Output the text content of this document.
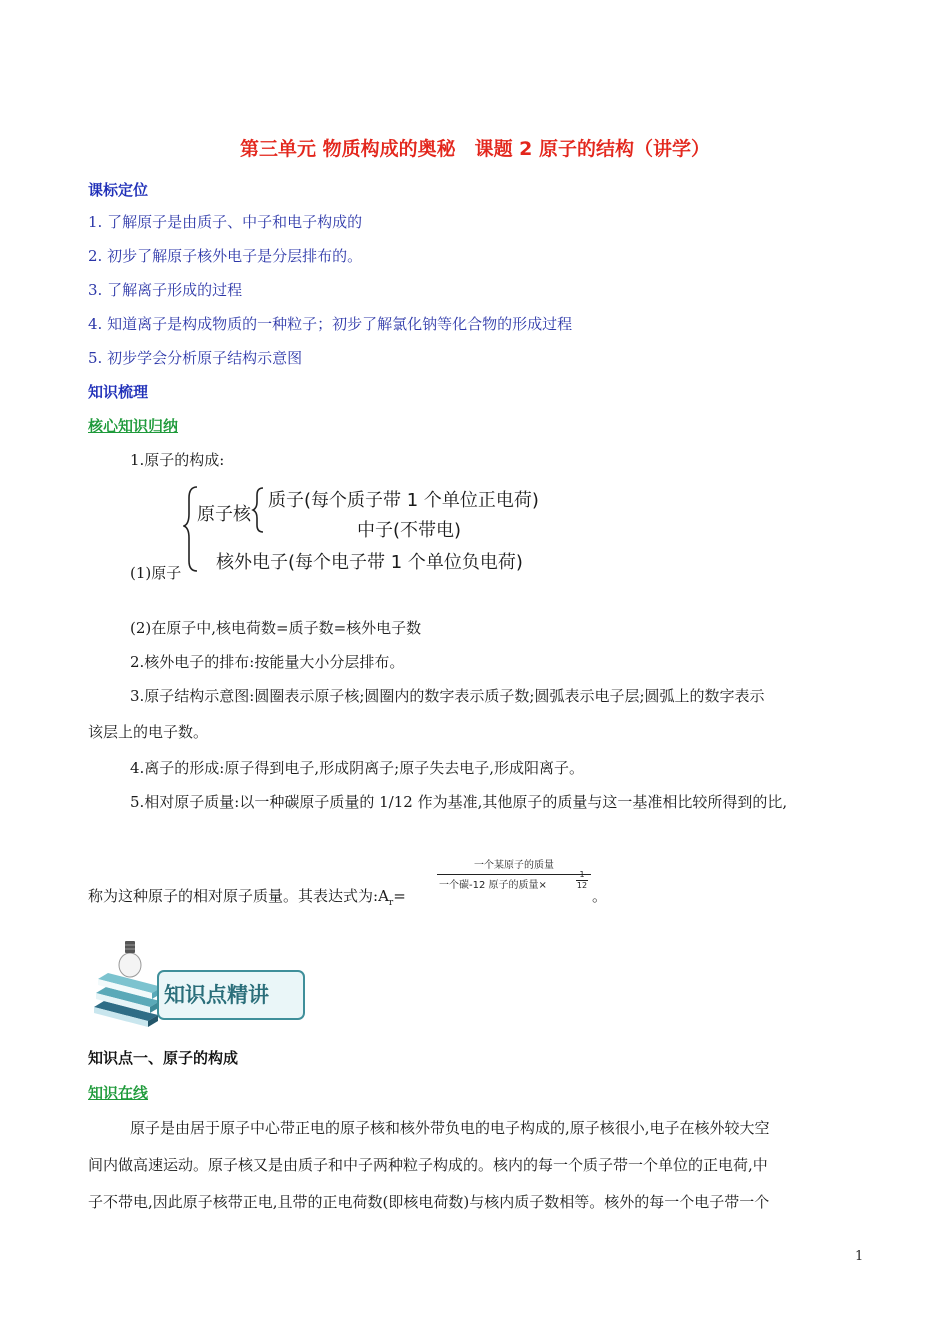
第三单元 物质构成的奥秘　课题 2 原子的结构（讲学）
课标定位
1. 了解原子是由质子、中子和电子构成的
2. 初步了解原子核外电子是分层排布的。
3. 了解离子形成的过程
4. 知道离子是构成物质的一种粒子；初步了解氯化钠等化合物的形成过程
5. 初步学会分析原子结构示意图
知识梳理
核心知识归纳
1.原子的构成:
原子核
质子(每个质子带 1 个单位正电荷)
中子(不带电)
核外电子(每个电子带 1 个单位负电荷)
(1)原子
(2)在原子中,核电荷数=质子数=核外电子数
2.核外电子的排布:按能量大小分层排布。
3.原子结构示意图:圆圈表示原子核;圆圈内的数字表示质子数;圆弧表示电子层;圆弧上的数字表示
该层上的电子数。
4.离子的形成:原子得到电子,形成阴离子;原子失去电子,形成阳离子。
5.相对原子质量:以一种碳原子质量的 1/12 作为基准,其他原子的质量与这一基准相比较所得到的比,
称为这种原子的相对原子质量。其表达式为$:A_r=$
一个某原子的质量
一个碳-12 原子的质量×	$\frac{1}{12}$
。
知识点精讲
知识点一、原子的构成
知识在线
原子是由居于原子中心带正电的原子核和核外带负电的电子构成的,原子核很小,电子在核外较大空
间内做高速运动。原子核又是由质子和中子两种粒子构成的。核内的每一个质子带一个单位的正电荷,中
子不带电,因此原子核带正电,且带的正电荷数(即核电荷数)与核内质子数相等。核外的每一个电子带一个
1
